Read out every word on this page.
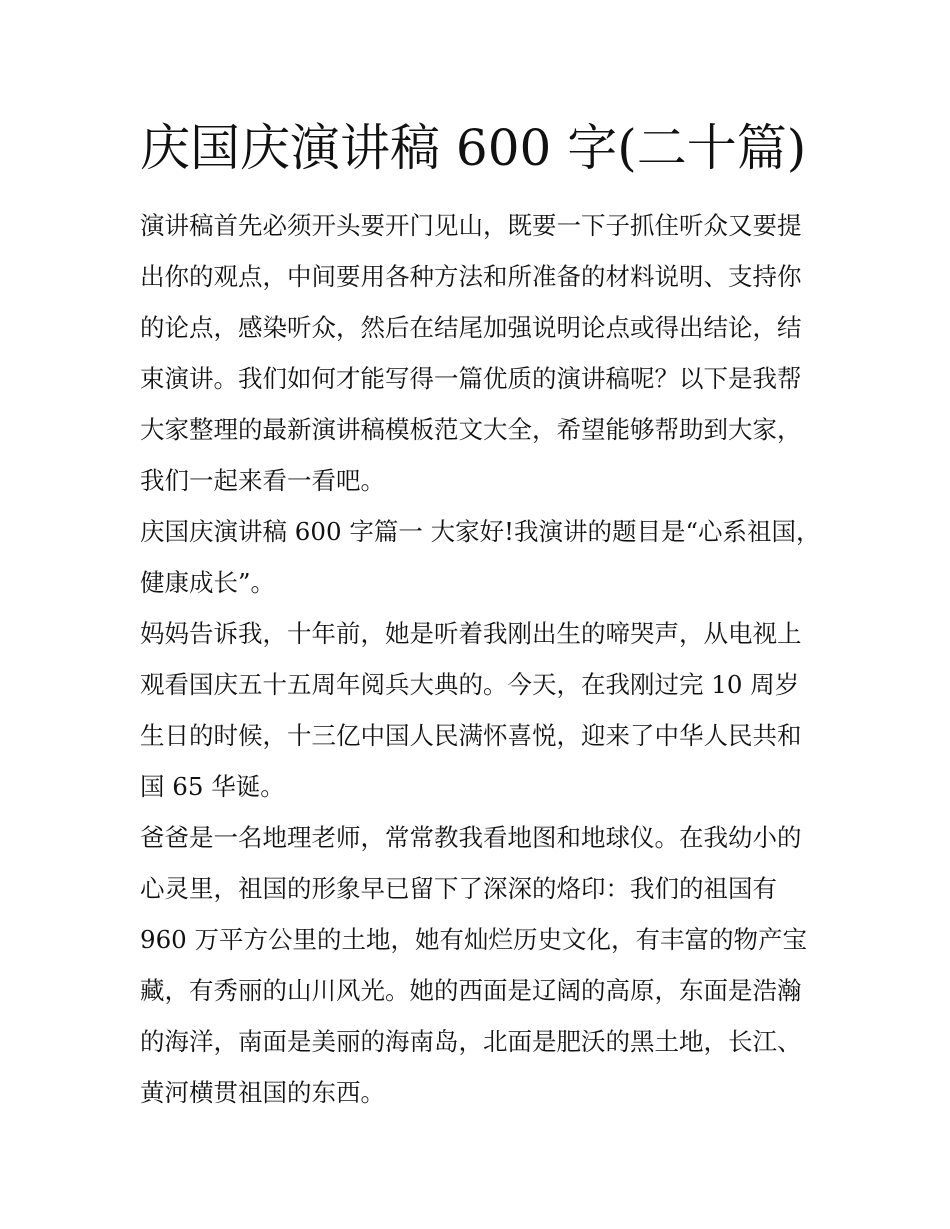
庆国庆演讲稿 600 字(二十篇)

演讲稿首先必须开头要开门见山，既要一下子抓住听众又要提
出你的观点，中间要用各种方法和所准备的材料说明、支持你
的论点，感染听众，然后在结尾加强说明论点或得出结论，结
束演讲。我们如何才能写得一篇优质的演讲稿呢？以下是我帮
大家整理的最新演讲稿模板范文大全，希望能够帮助到大家，
我们一起来看一看吧。

庆国庆演讲稿 600 字篇一 大家好!我演讲的题目是“心系祖国，
健康成长”。

妈妈告诉我，十年前，她是听着我刚出生的啼哭声，从电视上
观看国庆五十五周年阅兵大典的。今天，在我刚过完 10 周岁
生日的时候，十三亿中国人民满怀喜悦，迎来了中华人民共和
国 65 华诞。

爸爸是一名地理老师，常常教我看地图和地球仪。在我幼小的
心灵里，祖国的形象早已留下了深深的烙印：我们的祖国有
960 万平方公里的土地，她有灿烂历史文化，有丰富的物产宝
藏，有秀丽的山川风光。她的西面是辽阔的高原，东面是浩瀚
的海洋，南面是美丽的海南岛，北面是肥沃的黑土地，长江、
黄河横贯祖国的东西。
